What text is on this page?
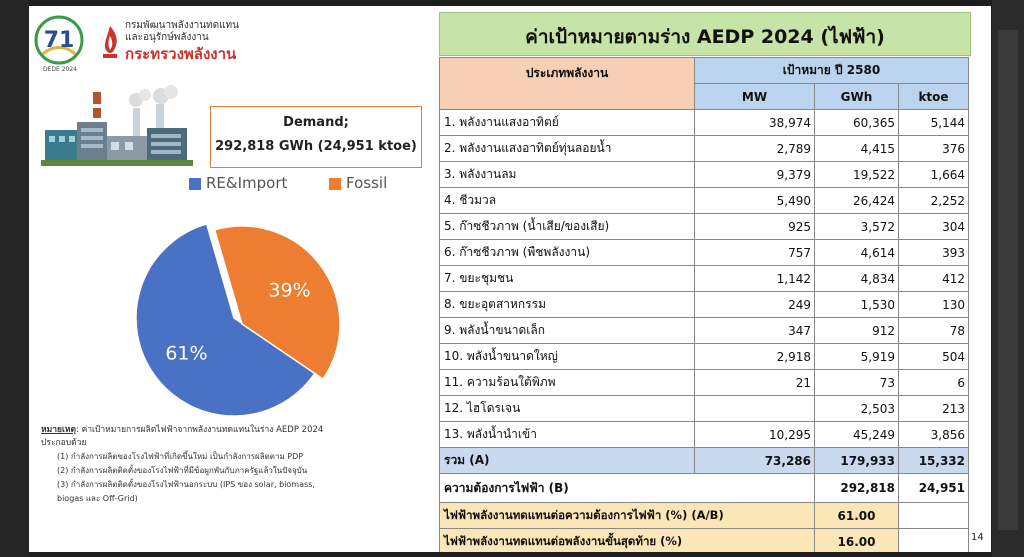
71
DEDE 2024
กรมพัฒนาพลังงานทดแทน
และอนุรักษ์พลังงาน
กระทรวงพลังงาน
Demand;
292,818 GWh (24,951 ktoe)
RE&Import	Fossil
61%
39%
หมายเหตุ: ค่าเป้าหมายการผลิตไฟฟ้าจากพลังงานทดแทนในร่าง AEDP 2024
ประกอบด้วย
(1) กำลังการผลิตของโรงไฟฟ้าที่เกิดขึ้นใหม่ เป็นกำลังการผลิตตาม PDP
(2) กำลังการผลิตติดตั้งของโรงไฟฟ้าที่มีข้อผูกพันกับภาครัฐแล้วในปัจจุบัน
(3) กำลังการผลิตติดตั้งของโรงไฟฟ้านอกระบบ (IPS ของ solar, biomass,
biogas และ Off-Grid)
ค่าเป้าหมายตามร่าง AEDP 2024 (ไฟฟ้า)
ประเภทพลังงาน	เป้าหมาย ปี 2580		
	MW	GWh	ktoe
1. พลังงานแสงอาทิตย์	38,974	60,365	5,144
2. พลังงานแสงอาทิตย์ทุ่นลอยน้ำ	2,789	4,415	376
3. พลังงานลม	9,379	19,522	1,664
4. ชีวมวล	5,490	26,424	2,252
5. ก๊าซชีวภาพ (น้ำเสีย/ของเสีย)	925	3,572	304
6. ก๊าซชีวภาพ (พืชพลังงาน)	757	4,614	393
7. ขยะชุมชน	1,142	4,834	412
8. ขยะอุตสาหกรรม	249	1,530	130
9. พลังน้ำขนาดเล็ก	347	912	78
10. พลังน้ำขนาดใหญ่	2,918	5,919	504
11. ความร้อนใต้พิภพ	21	73	6
12. ไฮโดรเจน		2,503	213
13. พลังน้ำนำเข้า	10,295	45,249	3,856
รวม (A)	73,286	179,933	15,332
ความต้องการไฟฟ้า (B)		292,818	24,951
ไฟฟ้าพลังงานทดแทนต่อความต้องการไฟฟ้า (%) (A/B)		61.00	
ไฟฟ้าพลังงานทดแทนต่อพลังงานขั้นสุดท้าย (%)		16.00		14
